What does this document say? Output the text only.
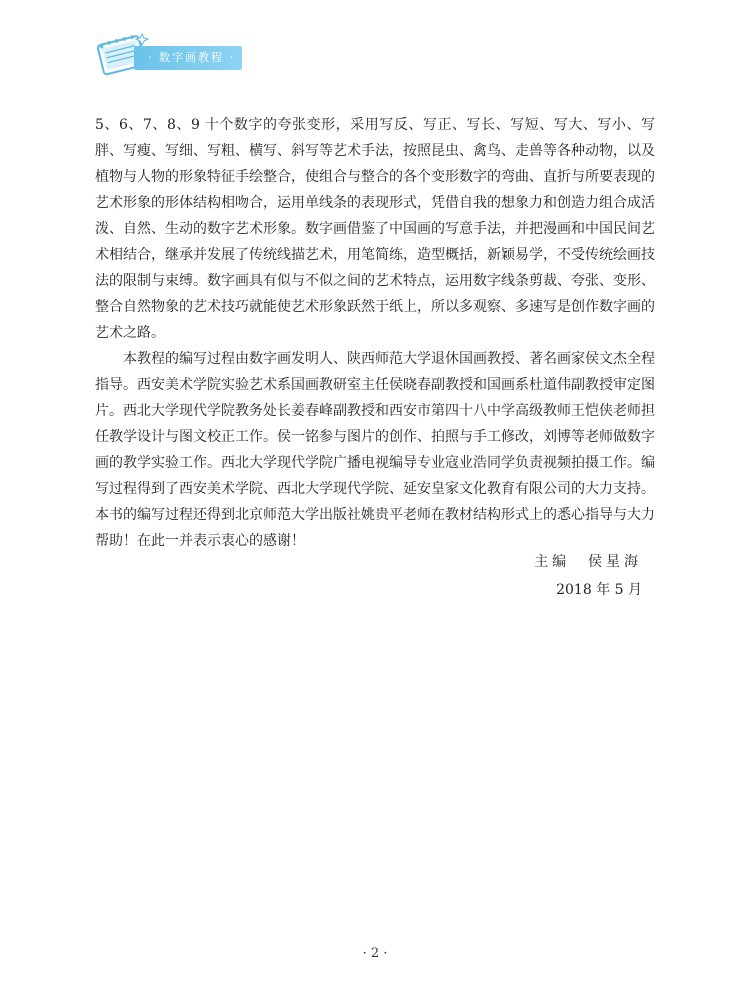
· 数字画教程 ·

5、6、7、8、9 十个数字的夸张变形，采用写反、写正、写长、写短、写大、写小、写胖、写瘦、写细、写粗、横写、斜写等艺术手法，按照昆虫、禽鸟、走兽等各种动物，以及植物与人物的形象特征手绘整合，使组合与整合的各个变形数字的弯曲、直折与所要表现的艺术形象的形体结构相吻合，运用单线条的表现形式，凭借自我的想象力和创造力组合成活泼、自然、生动的数字艺术形象。数字画借鉴了中国画的写意手法，并把漫画和中国民间艺术相结合，继承并发展了传统线描艺术，用笔简练，造型概括，新颖易学，不受传统绘画技法的限制与束缚。数字画具有似与不似之间的艺术特点，运用数字线条剪裁、夸张、变形、整合自然物象的艺术技巧就能使艺术形象跃然于纸上，所以多观察、多速写是创作数字画的艺术之路。

本教程的编写过程由数字画发明人、陕西师范大学退休国画教授、著名画家侯文杰全程指导。西安美术学院实验艺术系国画教研室主任侯晓春副教授和国画系杜道伟副教授审定图片。西北大学现代学院教务处长姜春峰副教授和西安市第四十八中学高级教师王恺侠老师担任教学设计与图文校正工作。侯一铭参与图片的创作、拍照与手工修改，刘博等老师做数字画的教学实验工作。西北大学现代学院广播电视编导专业寇业浩同学负责视频拍摄工作。编写过程得到了西安美术学院、西北大学现代学院、延安皇家文化教育有限公司的大力支持。本书的编写过程还得到北京师范大学出版社姚贵平老师在教材结构形式上的悉心指导与大力帮助！在此一并表示衷心的感谢！

主编 侯星海
2018 年 5 月
· 2 ·
